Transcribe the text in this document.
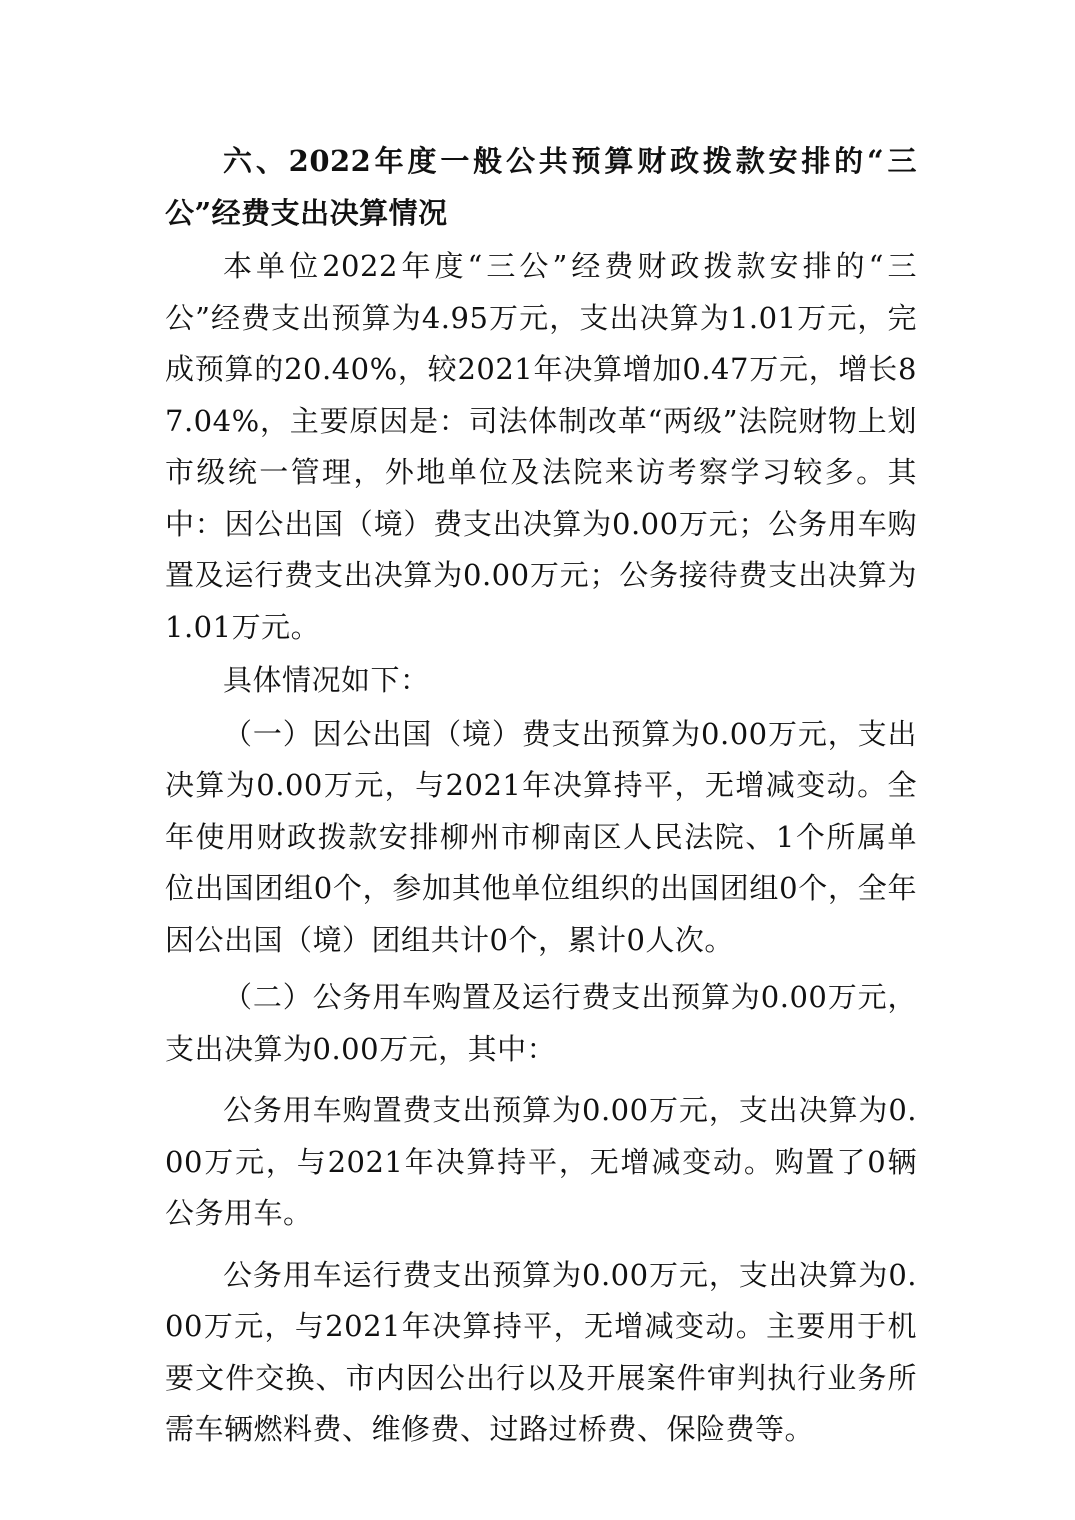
六、2022年度一般公共预算财政拨款安排的“三公”经费支出决算情况

本单位2022年度“三公”经费财政拨款安排的“三公”经费支出预算为4.95万元，支出决算为1.01万元，完成预算的20.40%，较2021年决算增加0.47万元，增长87.04%，主要原因是：司法体制改革“两级”法院财物上划市级统一管理，外地单位及法院来访考察学习较多。其中：因公出国（境）费支出决算为0.00万元；公务用车购置及运行费支出决算为0.00万元；公务接待费支出决算为1.01万元。

具体情况如下：

（一）因公出国（境）费支出预算为0.00万元，支出决算为0.00万元，与2021年决算持平，无增减变动。全年使用财政拨款安排柳州市柳南区人民法院、1个所属单位出国团组0个，参加其他单位组织的出国团组0个，全年因公出国（境）团组共计0个，累计0人次。

（二）公务用车购置及运行费支出预算为0.00万元，支出决算为0.00万元，其中：

公务用车购置费支出预算为0.00万元，支出决算为0.00万元，与2021年决算持平，无增减变动。购置了0辆公务用车。

公务用车运行费支出预算为0.00万元，支出决算为0.00万元，与2021年决算持平，无增减变动。主要用于机要文件交换、市内因公出行以及开展案件审判执行业务所需车辆燃料费、维修费、过路过桥费、保险费等。
